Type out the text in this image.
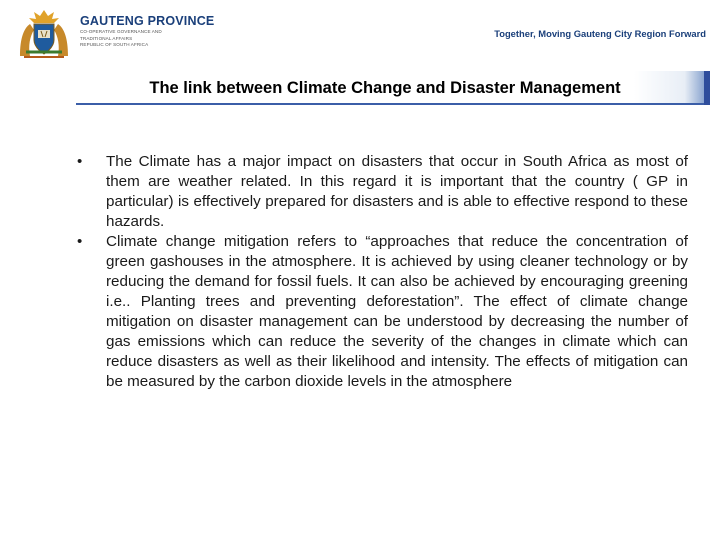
GAUTENG PROVINCE
CO-OPERATIVE GOVERNANCE AND
TRADITIONAL AFFAIRS
REPUBLIC OF SOUTH AFRICA
Together, Moving Gauteng City Region Forward
The link between Climate Change and Disaster Management
• The Climate has a major impact on disasters that occur in South Africa as most of them are weather related. In this regard it is important that the country ( GP in particular) is effectively prepared for disasters and is able to effective respond to these hazards.
• Climate change mitigation refers to “approaches that reduce the concentration of green gashouses in the atmosphere. It is achieved by using cleaner technology or by reducing the demand for fossil fuels. It can also be achieved by encouraging greening i.e.. Planting trees and preventing deforestation”. The effect of climate change mitigation on disaster management can be understood by decreasing the number of gas emissions which can reduce the severity of the changes in climate which can reduce disasters as well as their likelihood and intensity. The effects of mitigation can be measured by the carbon dioxide levels in the atmosphere
